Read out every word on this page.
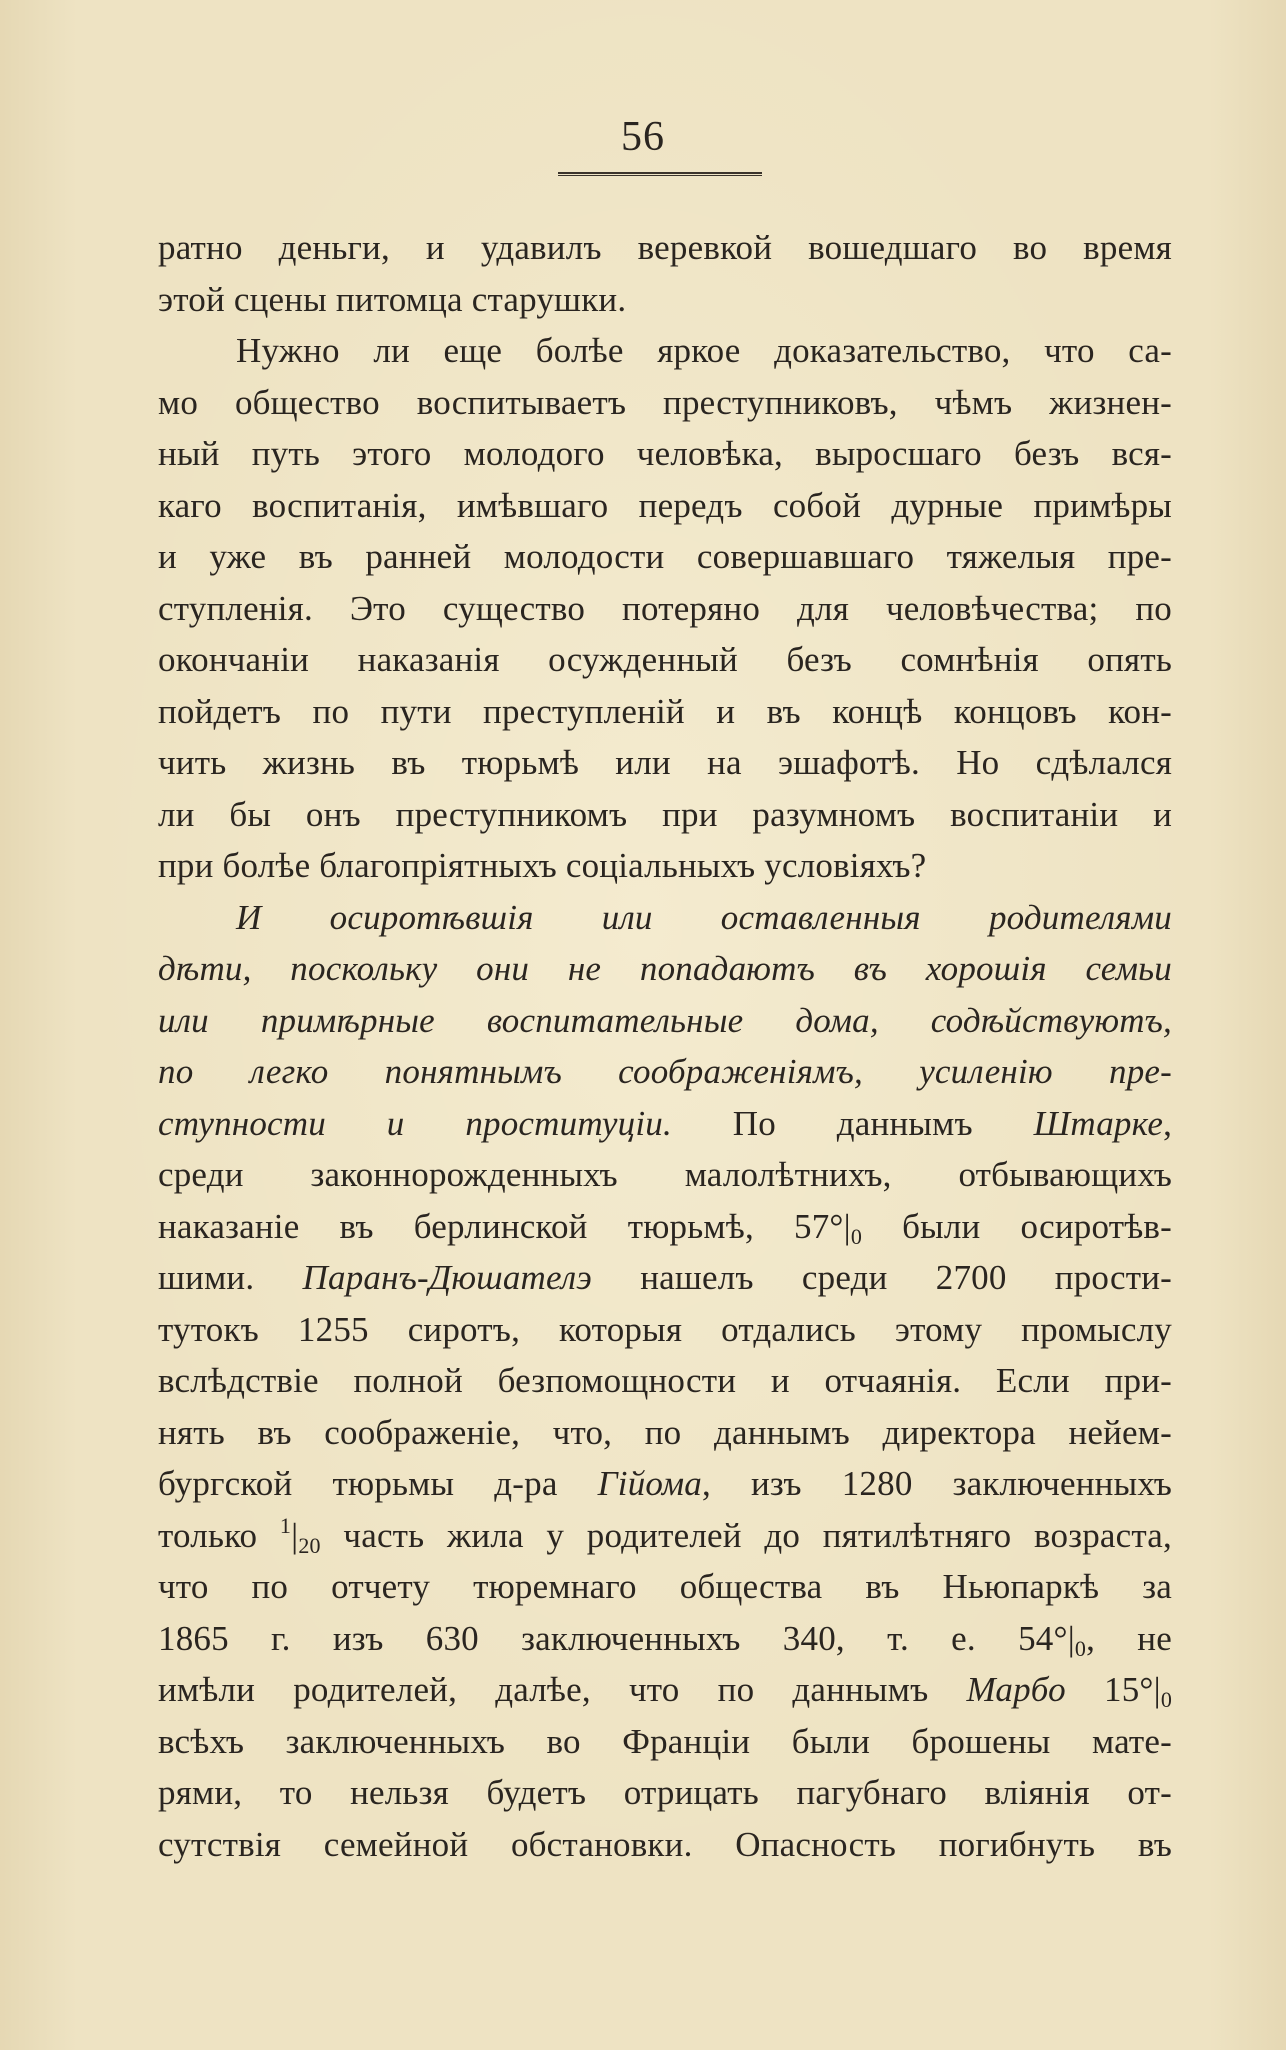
56
ратно деньги, и удавилъ веревкой вошедшаго во время
этой сцены питомца старушки.
Нужно ли еще болѣе яркое доказательство, что са-
мо общество воспитываетъ преступниковъ, чѣмъ жизнен-
ный путь этого молодого человѣка, выросшаго безъ вся-
каго воспитанія, имѣвшаго передъ собой дурные примѣры
и уже въ ранней молодости совершавшаго тяжелыя пре-
ступленія. Это существо потеряно для человѣчества; по
окончаніи наказанія осужденный безъ сомнѣнія опять
пойдетъ по пути преступленій и въ концѣ концовъ кон-
чить жизнь въ тюрьмѣ или на эшафотѣ. Но сдѣлался
ли бы онъ преступникомъ при разумномъ воспитаніи и
при болѣе благопріятныхъ соціальныхъ условіяхъ?
И осиротѣвшія или оставленныя родителями
дѣти, поскольку они не попадаютъ въ хорошія семьи
или примѣрные воспитательные дома, содѣйствуютъ,
по легко понятнымъ соображеніямъ, усиленію пре-
ступности и проституціи. По даннымъ Штарке,
среди законнорожденныхъ малолѣтнихъ, отбывающихъ
наказаніе въ берлинской тюрьмѣ, $57^\circ|_0$ были осиротѣв-
шими. Паранъ-Дюшателэ нашелъ среди 2700 прости-
тутокъ 1255 сиротъ, которыя отдались этому промыслу
вслѣдствіе полной безпомощности и отчаянія. Если при-
нять въ соображеніе, что, по даннымъ директора нейем-
бургской тюрьмы д-ра Гійома, изъ 1280 заключенныхъ
только $^1|_{20}$ часть жила у родителей до пятилѣтняго возраста,
что по отчету тюремнаго общества въ Ньюпаркѣ за
1865 г. изъ 630 заключенныхъ 340, т. е. $54^\circ|_0$, не
имѣли родителей, далѣе, что по даннымъ Марбо $15^\circ|_0$
всѣхъ заключенныхъ во Франціи были брошены мате-
рями, то нельзя будетъ отрицать пагубнаго вліянія от-
сутствія семейной обстановки. Опасность погибнуть въ
